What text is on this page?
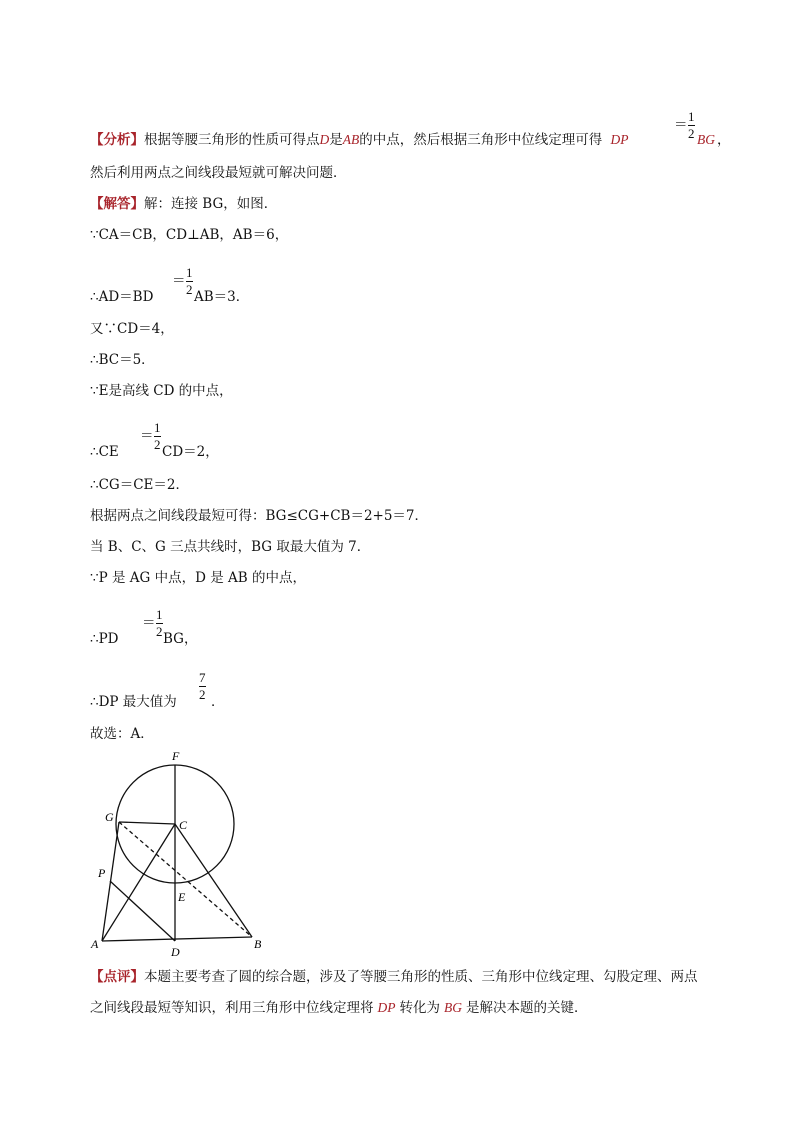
【分析】根据等腰三角形的性质可得点D是AB的中点，然后根据三角形中位线定理可得 DP
＝
1
2 BG ，
然后利用两点之间线段最短就可解决问题．
【解答】解：连接 BG，如图．
∵CA＝CB，CD⊥AB，AB＝6，
∴AD＝BD
＝
1
2 AB＝3．
又∵CD＝4，
∴BC＝5．
∵E是高线 CD 的中点，
∴CE
＝
1
2 CD＝2，
∴CG＝CE＝2．
根据两点之间线段最短可得：BG≤CG+CB＝2+5＝7．
当 B、C、G 三点共线时，BG 取最大值为 7．
∵P 是 AG 中点，D 是 AB 的中点，
∴PD
＝
1
2 BG，
∴DP 最大值为
7
2 ．
故选：A．
F
G
C
P
E
A
D
B
【点评】本题主要考查了圆的综合题，涉及了等腰三角形的性质、三角形中位线定理、勾股定理、两点
之间线段最短等知识，利用三角形中位线定理将 DP 转化为 BG 是解决本题的关键．
